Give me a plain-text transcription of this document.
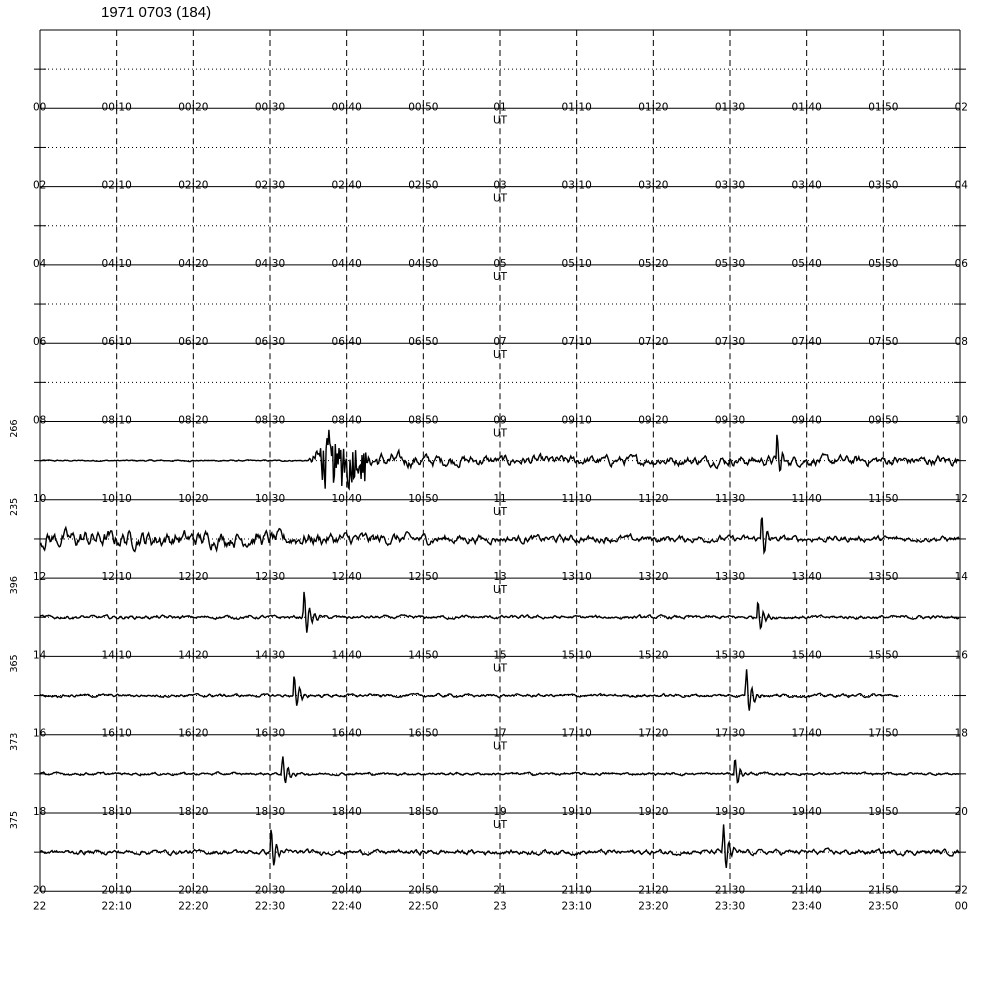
1971 0703 (184)
UT
UT
UT
UT
UT
266
UT
235
UT
396
UT
365
UT
373
UT
375
00	00:10	00:20	00:30	00:40	00:50	01	01:10	01:20	01:30	01:40	01:50	02
02	02:10	02:20	02:30	02:40	02:50	03	03:10	03:20	03:30	03:40	03:50	04
04	04:10	04:20	04:30	04:40	04:50	05	05:10	05:20	05:30	05:40	05:50	06
06	06:10	06:20	06:30	06:40	06:50	07	07:10	07:20	07:30	07:40	07:50	08
08	08:10	08:20	08:30	08:40	08:50	09	09:10	09:20	09:30	09:40	09:50	10
10	10:10	10:20	10:30	10:40	10:50	11	11:10	11:20	11:30	11:40	11:50	12
12	12:10	12:20	12:30	12:40	12:50	13	13:10	13:20	13:30	13:40	13:50	14
14	14:10	14:20	14:30	14:40	14:50	15	15:10	15:20	15:30	15:40	15:50	16
16	16:10	16:20	16:30	16:40	16:50	17	17:10	17:20	17:30	17:40	17:50	18
18	18:10	18:20	18:30	18:40	18:50	19	19:10	19:20	19:30	19:40	19:50	20
20	20:10	20:20	20:30	20:40	20:50	21	21:10	21:20	21:30	21:40	21:50	22
22	22:10	22:20	22:30	22:40	22:50	23	23:10	23:20	23:30	23:40	23:50	00
